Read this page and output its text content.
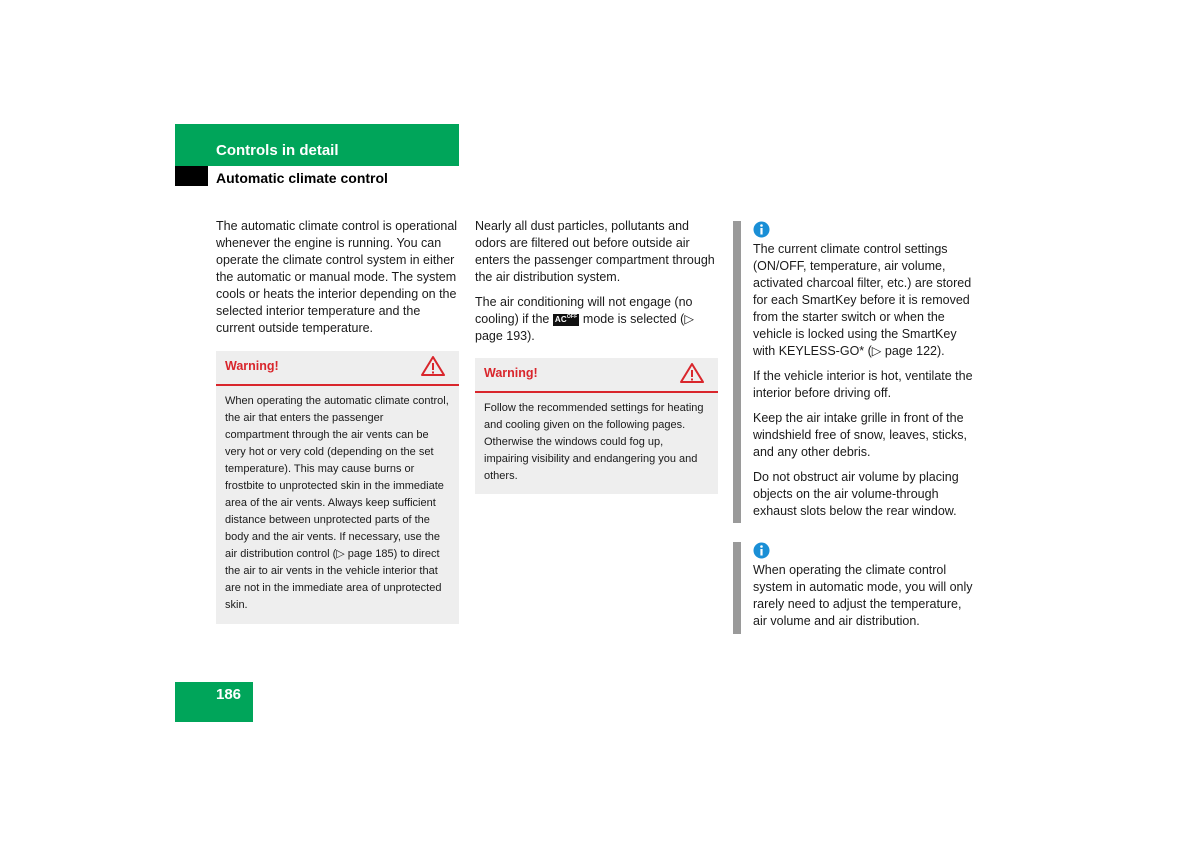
Controls in detail
Automatic climate control

The automatic climate control is operational whenever the engine is running. You can operate the climate control system in either the automatic or manual mode. The system cools or heats the interior depending on the selected interior temperature and the current outside temperature.

Warning!
When operating the automatic climate control, the air that enters the passenger compartment through the air vents can be very hot or very cold (depending on the set temperature). This may cause burns or frostbite to unprotected skin in the immediate area of the air vents. Always keep sufficient distance between unprotected parts of the body and the air vents. If necessary, use the air distribution control (▷ page 185) to direct the air to air vents in the vehicle interior that are not in the immediate area of unprotected skin.

Nearly all dust particles, pollutants and odors are filtered out before outside air enters the passenger compartment through the air distribution system.

The air conditioning will not engage (no cooling) if the $AC^{OFF}$ mode is selected (▷ page 193).

Warning!
Follow the recommended settings for heating and cooling given on the following pages. Otherwise the windows could fog up, impairing visibility and endangering you and others.

The current climate control settings (ON/OFF, temperature, air volume, activated charcoal filter, etc.) are stored for each SmartKey before it is removed from the starter switch or when the vehicle is locked using the SmartKey with KEYLESS-GO* (▷ page 122).

If the vehicle interior is hot, ventilate the interior before driving off.

Keep the air intake grille in front of the windshield free of snow, leaves, sticks, and any other debris.

Do not obstruct air volume by placing objects on the air volume-through exhaust slots below the rear window.

When operating the climate control system in automatic mode, you will only rarely need to adjust the temperature, air volume and air distribution.

186
